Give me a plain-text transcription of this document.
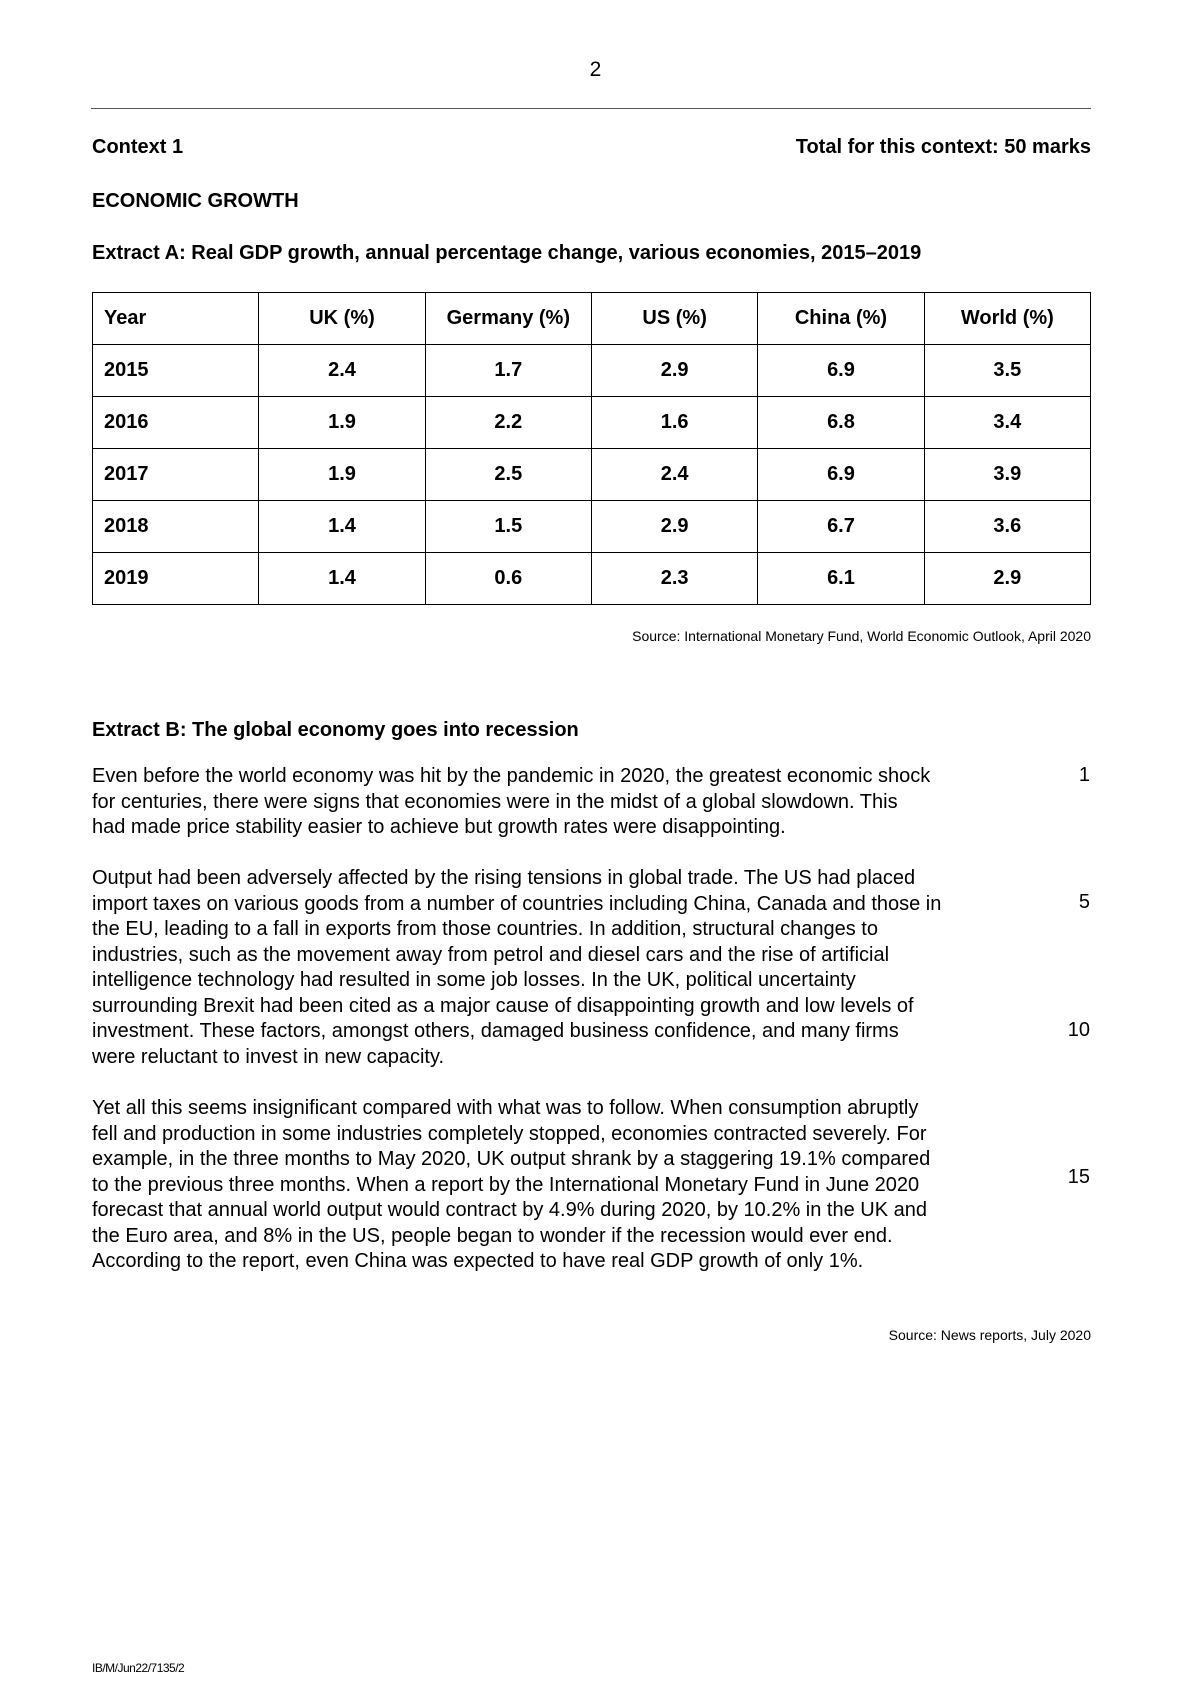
2
Context 1	Total for this context: 50 marks
ECONOMIC GROWTH
Extract A: Real GDP growth, annual percentage change, various economies, 2015–2019
Year	UK (%)	Germany (%)	US (%)	China (%)	World (%)
2015	2.4	1.7	2.9	6.9	3.5
2016	1.9	2.2	1.6	6.8	3.4
2017	1.9	2.5	2.4	6.9	3.9
2018	1.4	1.5	2.9	6.7	3.6
2019	1.4	0.6	2.3	6.1	2.9
Source: International Monetary Fund, World Economic Outlook, April 2020
Extract B: The global economy goes into recession
Even before the world economy was hit by the pandemic in 2020, the greatest economic shock
for centuries, there were signs that economies were in the midst of a global slowdown. This
had made price stability easier to achieve but growth rates were disappointing.
Output had been adversely affected by the rising tensions in global trade. The US had placed
import taxes on various goods from a number of countries including China, Canada and those in
the EU, leading to a fall in exports from those countries. In addition, structural changes to
industries, such as the movement away from petrol and diesel cars and the rise of artificial
intelligence technology had resulted in some job losses. In the UK, political uncertainty
surrounding Brexit had been cited as a major cause of disappointing growth and low levels of
investment. These factors, amongst others, damaged business confidence, and many firms
were reluctant to invest in new capacity.
Yet all this seems insignificant compared with what was to follow. When consumption abruptly
fell and production in some industries completely stopped, economies contracted severely. For
example, in the three months to May 2020, UK output shrank by a staggering 19.1% compared
to the previous three months. When a report by the International Monetary Fund in June 2020
forecast that annual world output would contract by 4.9% during 2020, by 10.2% in the UK and
the Euro area, and 8% in the US, people began to wonder if the recession would ever end.
According to the report, even China was expected to have real GDP growth of only 1%.
1
5
10
15
Source: News reports, July 2020
IB/M/Jun22/7135/2
